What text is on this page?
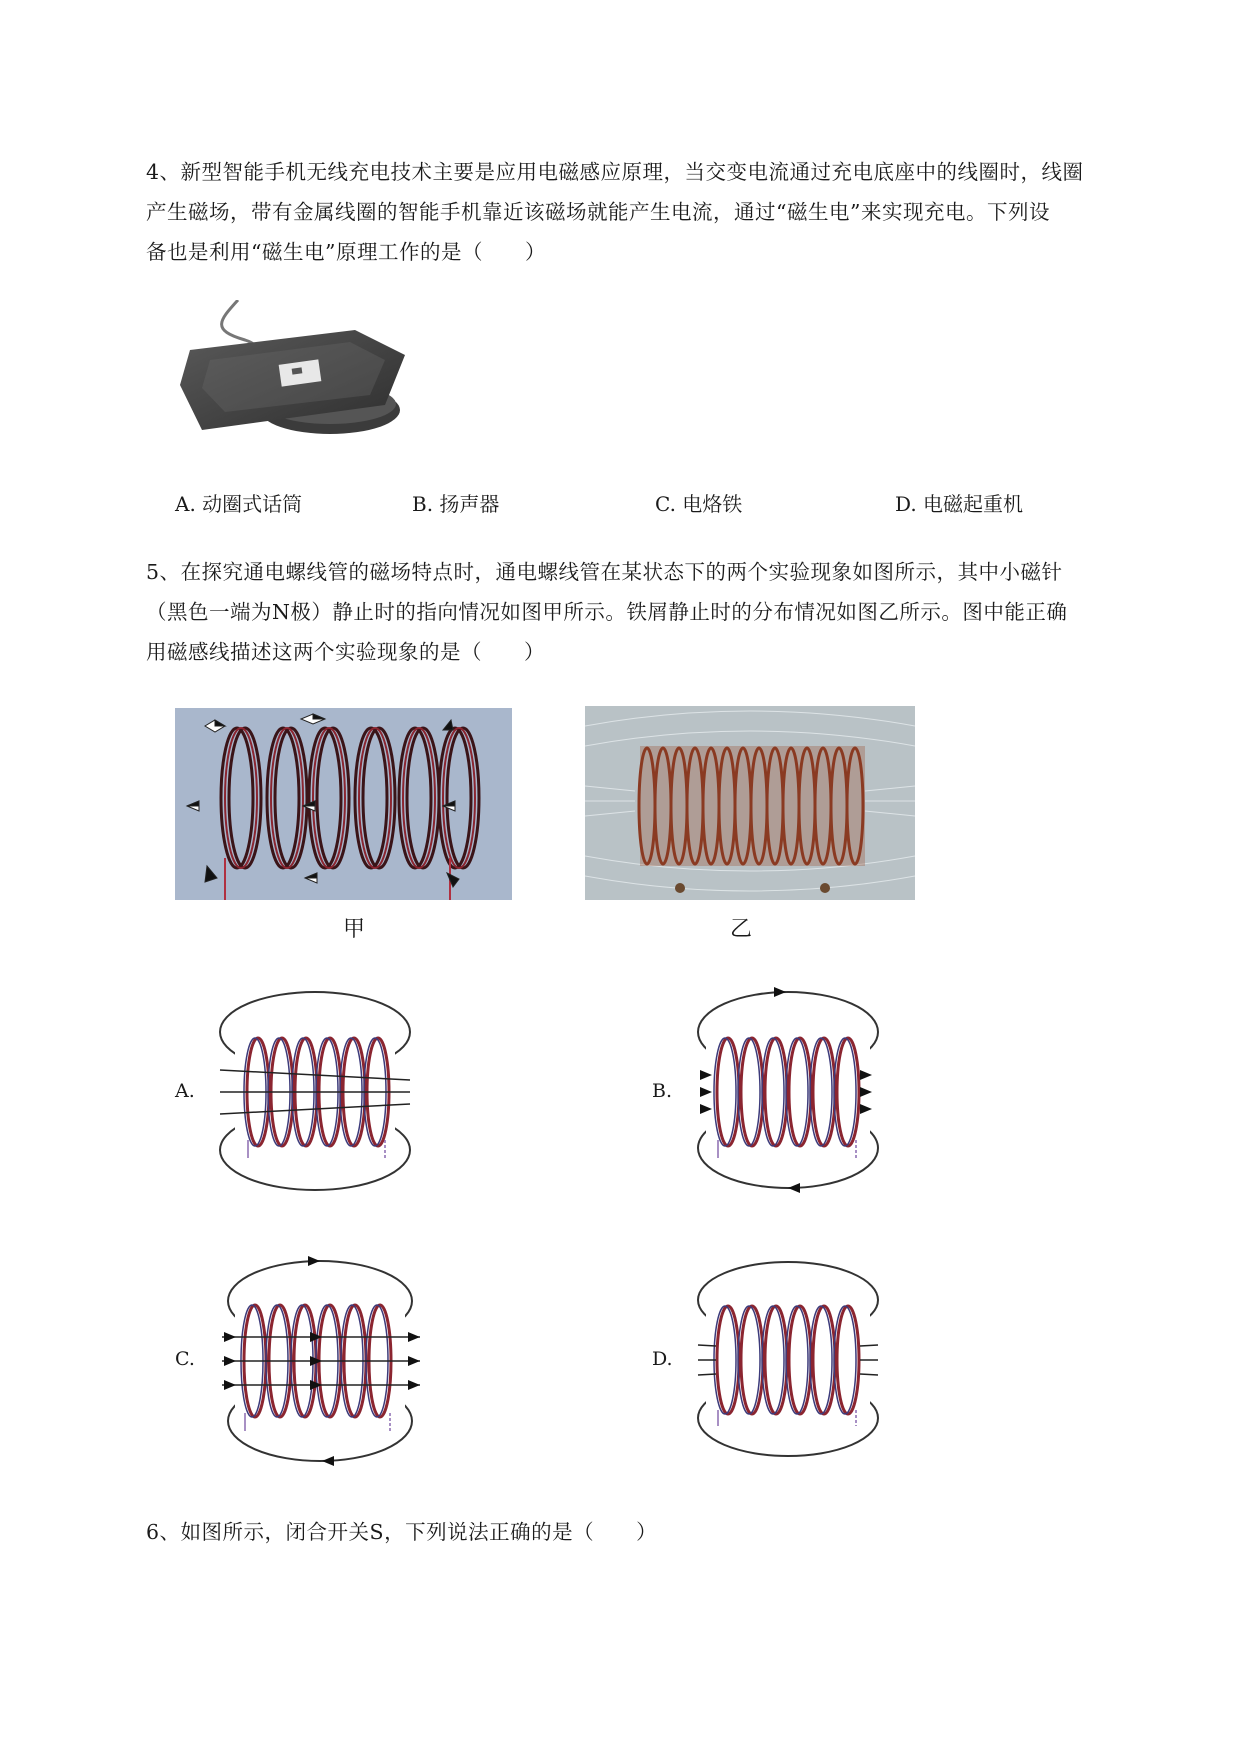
4、新型智能手机无线充电技术主要是应用电磁感应原理，当交变电流通过充电底座中的线圈时，线圈
产生磁场，带有金属线圈的智能手机靠近该磁场就能产生电流，通过“磁生电”来实现充电。下列设
备也是利用“磁生电”原理工作的是（　　）
A. 动圈式话筒	B. 扬声器	C. 电烙铁	D. 电磁起重机
5、在探究通电螺线管的磁场特点时，通电螺线管在某状态下的两个实验现象如图所示，其中小磁针
（黑色一端为N极）静止时的指向情况如图甲所示。铁屑静止时的分布情况如图乙所示。图中能正确
用磁感线描述这两个实验现象的是（　　）
甲	乙
A.	B.
C.	D.
6、如图所示，闭合开关S，下列说法正确的是（　　）
